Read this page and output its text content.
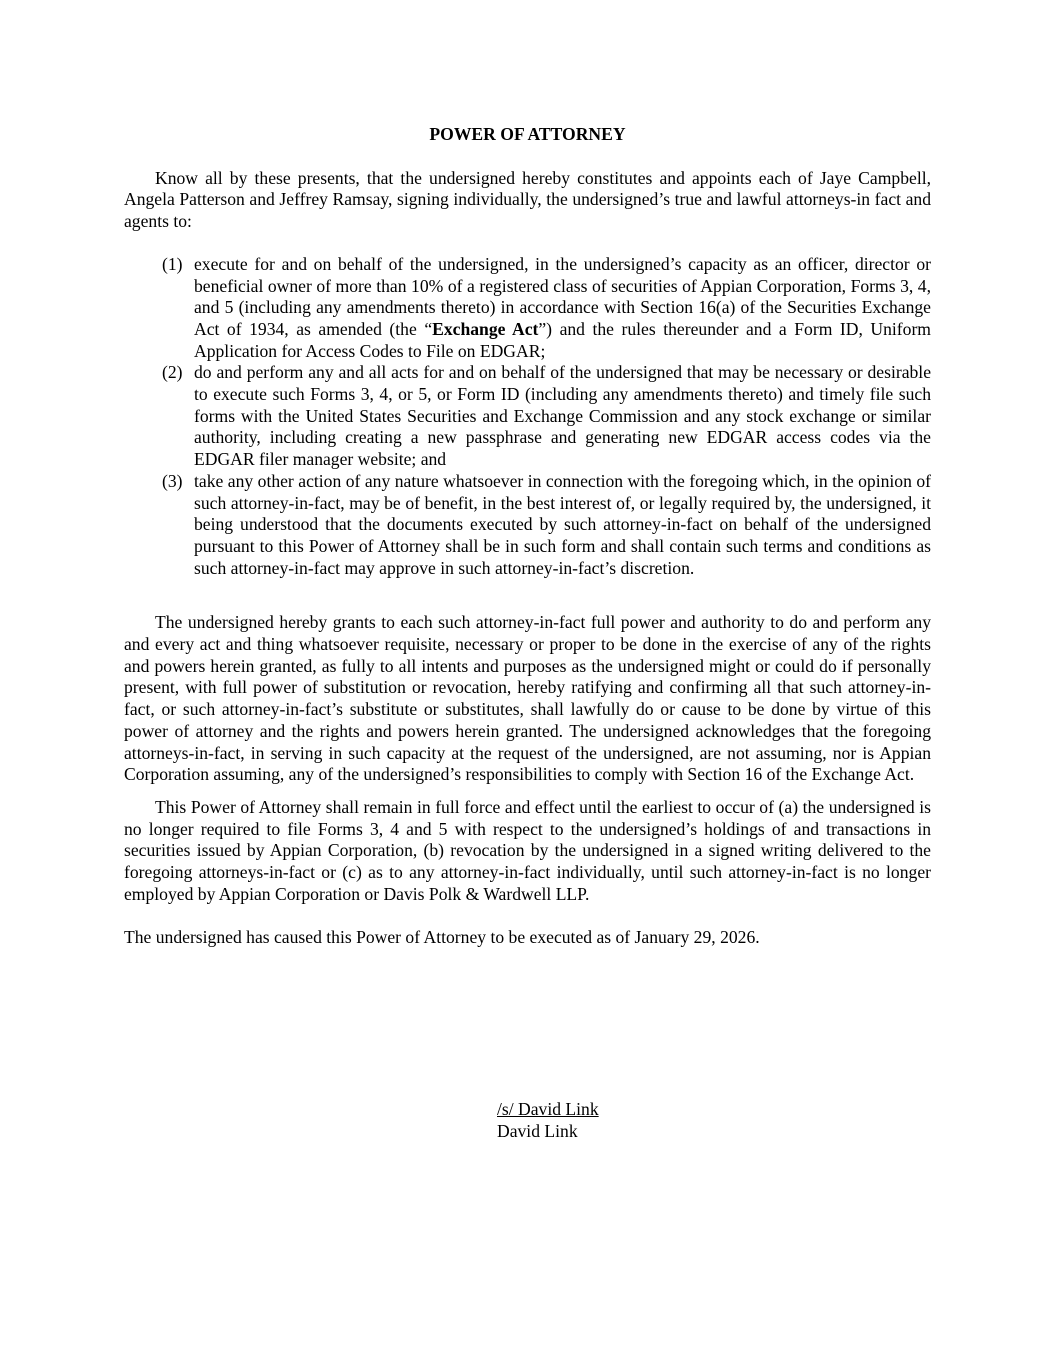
POWER OF ATTORNEY

Know all by these presents, that the undersigned hereby constitutes and appoints each of Jaye Campbell, Angela Patterson and Jeffrey Ramsay, signing individually, the undersigned’s true and lawful attorneys-in fact and agents to:

(1) execute for and on behalf of the undersigned, in the undersigned’s capacity as an officer, director or beneficial owner of more than 10% of a registered class of securities of Appian Corporation, Forms 3, 4, and 5 (including any amendments thereto) in accordance with Section 16(a) of the Securities Exchange Act of 1934, as amended (the “Exchange Act”) and the rules thereunder and a Form ID, Uniform Application for Access Codes to File on EDGAR;
(2) do and perform any and all acts for and on behalf of the undersigned that may be necessary or desirable to execute such Forms 3, 4, or 5, or Form ID (including any amendments thereto) and timely file such forms with the United States Securities and Exchange Commission and any stock exchange or similar authority, including creating a new passphrase and generating new EDGAR access codes via the EDGAR filer manager website; and
(3) take any other action of any nature whatsoever in connection with the foregoing which, in the opinion of such attorney-in-fact, may be of benefit, in the best interest of, or legally required by, the undersigned, it being understood that the documents executed by such attorney-in-fact on behalf of the undersigned pursuant to this Power of Attorney shall be in such form and shall contain such terms and conditions as such attorney-in-fact may approve in such attorney-in-fact’s discretion.

The undersigned hereby grants to each such attorney-in-fact full power and authority to do and perform any and every act and thing whatsoever requisite, necessary or proper to be done in the exercise of any of the rights and powers herein granted, as fully to all intents and purposes as the undersigned might or could do if personally present, with full power of substitution or revocation, hereby ratifying and confirming all that such attorney-in-fact, or such attorney-in-fact’s substitute or substitutes, shall lawfully do or cause to be done by virtue of this power of attorney and the rights and powers herein granted. The undersigned acknowledges that the foregoing attorneys-in-fact, in serving in such capacity at the request of the undersigned, are not assuming, nor is Appian Corporation assuming, any of the undersigned’s responsibilities to comply with Section 16 of the Exchange Act.

This Power of Attorney shall remain in full force and effect until the earliest to occur of (a) the undersigned is no longer required to file Forms 3, 4 and 5 with respect to the undersigned’s holdings of and transactions in securities issued by Appian Corporation, (b) revocation by the undersigned in a signed writing delivered to the foregoing attorneys-in-fact or (c) as to any attorney-in-fact individually, until such attorney-in-fact is no longer employed by Appian Corporation or Davis Polk & Wardwell LLP.

The undersigned has caused this Power of Attorney to be executed as of January 29, 2026.

/s/ David Link
David Link
